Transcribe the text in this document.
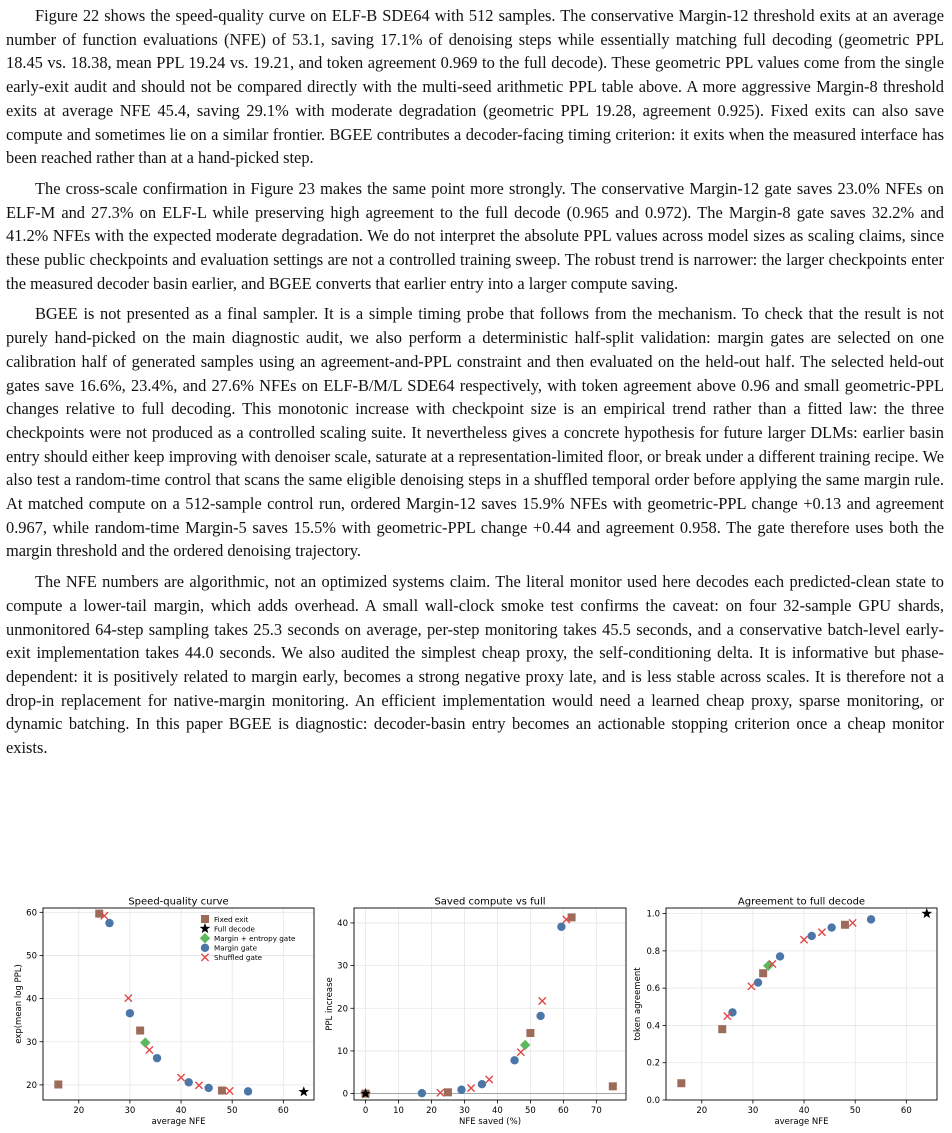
Figure 22 shows the speed-quality curve on ELF-B SDE64 with 512 samples. The conservative Margin-12 threshold exits at an average number of function evaluations (NFE) of 53.1, saving 17.1% of denoising steps while essentially matching full decoding (geometric PPL 18.45 vs. 18.38, mean PPL 19.24 vs. 19.21, and token agreement 0.969 to the full decode). These geometric PPL values come from the single early-exit audit and should not be compared directly with the multi-seed arithmetic PPL table above. A more aggressive Margin-8 threshold exits at average NFE 45.4, saving 29.1% with moderate degradation (geometric PPL 19.28, agreement 0.925). Fixed exits can also save compute and sometimes lie on a similar frontier. BGEE contributes a decoder-facing timing criterion: it exits when the measured interface has been reached rather than at a hand-picked step.

The cross-scale confirmation in Figure 23 makes the same point more strongly. The conservative Margin-12 gate saves 23.0% NFEs on ELF-M and 27.3% on ELF-L while preserving high agreement to the full decode (0.965 and 0.972). The Margin-8 gate saves 32.2% and 41.2% NFEs with the expected moderate degradation. We do not interpret the absolute PPL values across model sizes as scaling claims, since these public checkpoints and evaluation settings are not a controlled training sweep. The robust trend is narrower: the larger checkpoints enter the measured decoder basin earlier, and BGEE converts that earlier entry into a larger compute saving.

BGEE is not presented as a final sampler. It is a simple timing probe that follows from the mechanism. To check that the result is not purely hand-picked on the main diagnostic audit, we also perform a deterministic half-split validation: margin gates are selected on one calibration half of generated samples using an agreement-and-PPL constraint and then evaluated on the held-out half. The selected held-out gates save 16.6%, 23.4%, and 27.6% NFEs on ELF-B/M/L SDE64 respectively, with token agreement above 0.96 and small geometric-PPL changes relative to full decoding. This monotonic increase with checkpoint size is an empirical trend rather than a fitted law: the three checkpoints were not produced as a controlled scaling suite. It nevertheless gives a concrete hypothesis for future larger DLMs: earlier basin entry should either keep improving with denoiser scale, saturate at a representation-limited floor, or break under a different training recipe. We also test a random-time control that scans the same eligible denoising steps in a shuffled temporal order before applying the same margin rule. At matched compute on a 512-sample control run, ordered Margin-12 saves 15.9% NFEs with geometric-PPL change +0.13 and agreement 0.967, while random-time Margin-5 saves 15.5% with geometric-PPL change +0.44 and agreement 0.958. The gate therefore uses both the margin threshold and the ordered denoising trajectory.

The NFE numbers are algorithmic, not an optimized systems claim. The literal monitor used here decodes each predicted-clean state to compute a lower-tail margin, which adds overhead. A small wall-clock smoke test confirms the caveat: on four 32-sample GPU shards, unmonitored 64-step sampling takes 25.3 seconds on average, per-step monitoring takes 45.5 seconds, and a conservative batch-level early-exit implementation takes 44.0 seconds. We also audited the simplest cheap proxy, the self-conditioning delta. It is informative but phase-dependent: it is positively related to margin early, becomes a strong negative proxy late, and is less stable across scales. It is therefore not a drop-in replacement for native-margin monitoring. An efficient implementation would need a learned cheap proxy, sparse monitoring, or dynamic batching. In this paper BGEE is diagnostic: decoder-basin entry becomes an actionable stopping criterion once a cheap monitor exists.

20	30	40	50	60
20
30
40
50
60
Speed-quality curve
average NFE
exp(mean log PPL)
Fixed exit
Full decode
Margin + entropy gate
Margin gate
Shuffled gate
0	10	20	30	40	50	60	70
0
10
20
30
40
Saved compute vs full
NFE saved (%)
PPL increase
20	30	40	50	60
0.0
0.2
0.4
0.6
0.8
1.0
Agreement to full decode
average NFE
token agreement
